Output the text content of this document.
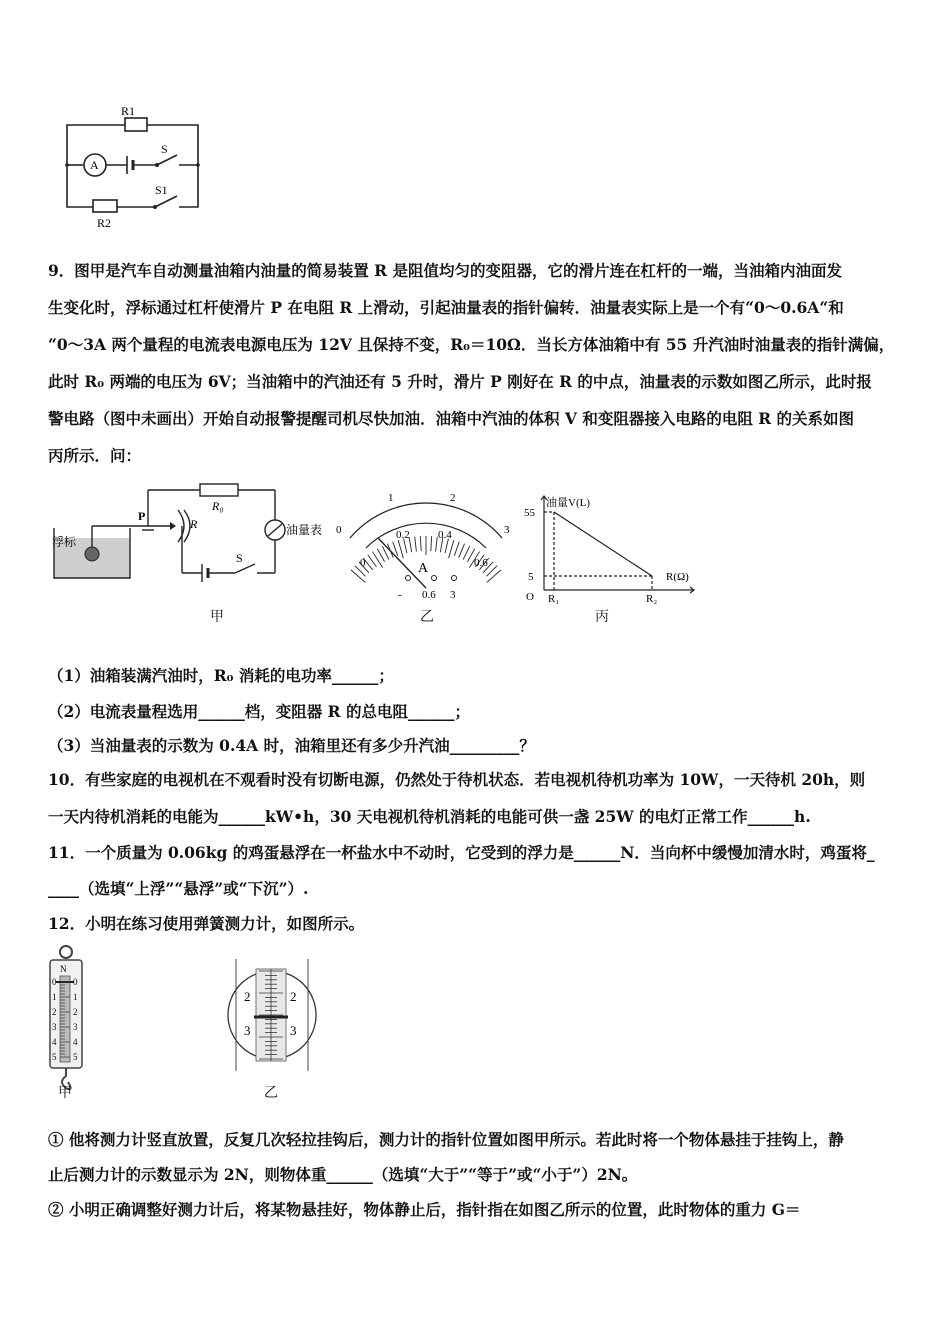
R1
A
S
S1
R2
9．图甲是汽车自动测量油箱内油量的简易装置 R 是阻值均匀的变阻器，它的滑片连在杠杆的一端，当油箱内油面发
生变化时，浮标通过杠杆使滑片 P 在电阻 R 上滑动，引起油量表的指针偏转．油量表实际上是一个有“0～0.6A“和
“0～3A 两个量程的电流表电源电压为 12V 且保持不变，R₀＝10Ω．当长方体油箱中有 55 升汽油时油量表的指针满偏，
此时 R₀ 两端的电压为 6V；当油箱中的汽油还有 5 升时，滑片 P 刚好在 R 的中点，油量表的示数如图乙所示，此时报
警电路（图中未画出）开始自动报警提醒司机尽快加油．油箱中汽油的体积 V 和变阻器接入电路的电阻 R 的关系如图
丙所示．问：
浮标
P
R₀
R	油量表
S
甲
0
1	2
3
0
0.2	0.4
0.6
A
- 0.6 3
乙
油量V(L)
R(Ω)
O
55
5
R₁	R₂
丙
（1）油箱装满汽油时，R₀ 消耗的电功率______；
（2）电流表量程选用______档，变阻器 R 的总电阻______；
（3）当油量表的示数为 0.4A 时，油箱里还有多少升汽油_________？
10．有些家庭的电视机在不观看时没有切断电源，仍然处于待机状态．若电视机待机功率为 10W，一天待机 20h，则
一天内待机消耗的电能为______kW•h，30 天电视机待机消耗的电能可供一盏 25W 的电灯正常工作______h.
11．一个质量为 0.06kg 的鸡蛋悬浮在一杯盐水中不动时，它受到的浮力是______N．当向杯中缓慢加清水时，鸡蛋将_
____（选填“上浮”“悬浮”或“下沉”）.
12．小明在练习使用弹簧测力计，如图所示。
N
0
1
2
3
4
5
0
1
2
3
4
5
甲
2	2
3	3
乙
① 他将测力计竖直放置，反复几次轻拉挂钩后，测力计的指针位置如图甲所示。若此时将一个物体悬挂于挂钩上，静
止后测力计的示数显示为 2N，则物体重______（选填“大于”“等于”或“小于”）2N。
② 小明正确调整好测力计后，将某物悬挂好，物体静止后，指针指在如图乙所示的位置，此时物体的重力 G＝
